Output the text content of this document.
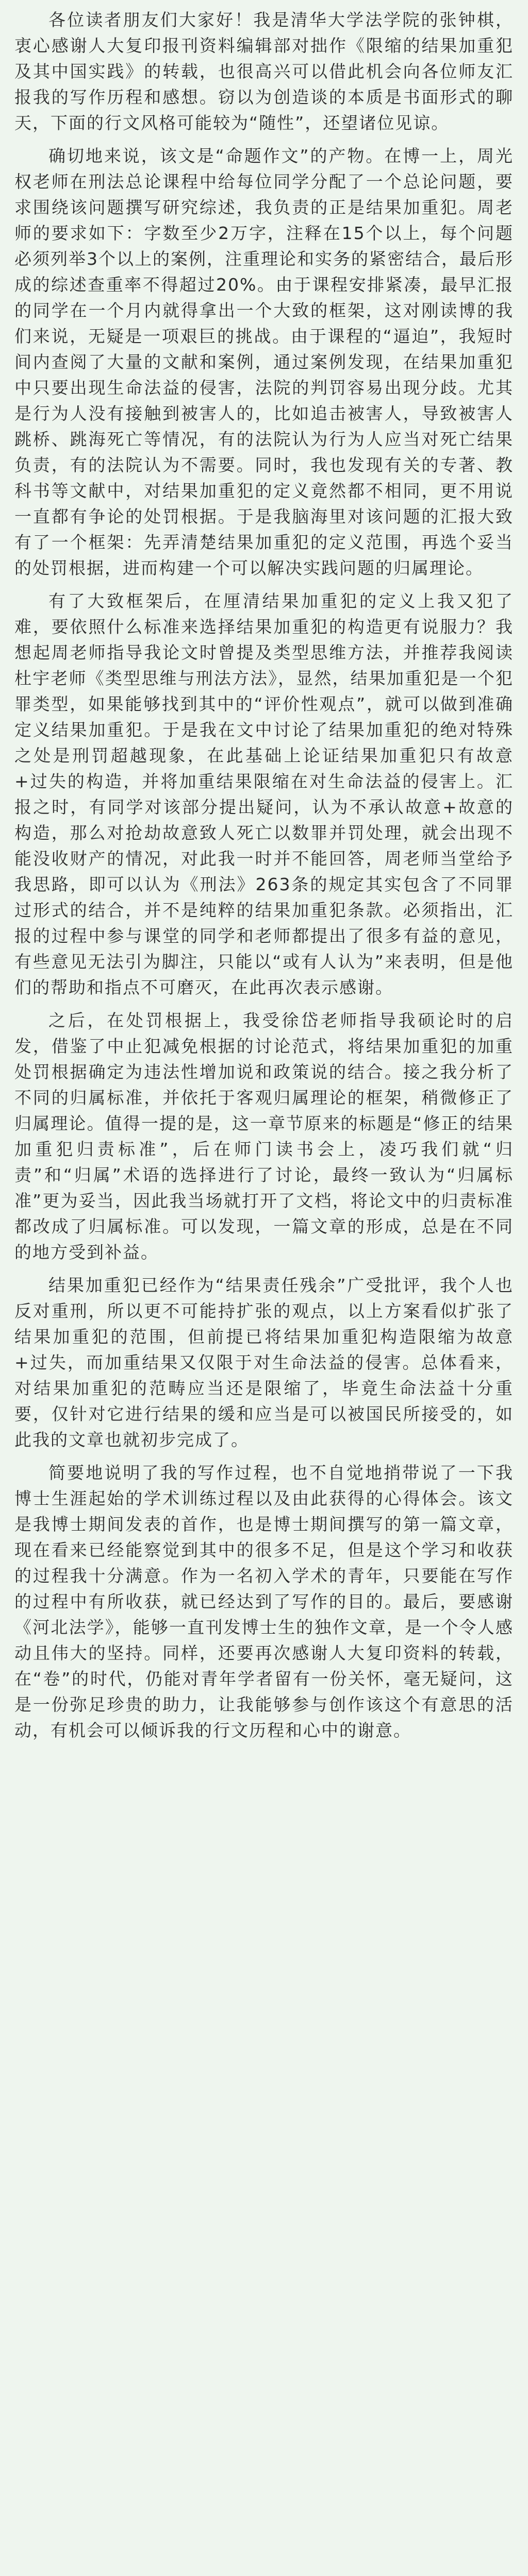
各位读者朋友们大家好！我是清华大学法学院的张钟棋，衷心感谢人大复印报刊资料编辑部对拙作《限缩的结果加重犯及其中国实践》的转载，也很高兴可以借此机会向各位师友汇报我的写作历程和感想。窃以为创造谈的本质是书面形式的聊天，下面的行文风格可能较为“随性”，还望诸位见谅。

确切地来说，该文是“命题作文”的产物。在博一上，周光权老师在刑法总论课程中给每位同学分配了一个总论问题，要求围绕该问题撰写研究综述，我负责的正是结果加重犯。周老师的要求如下：字数至少2万字，注释在15个以上，每个问题必须列举3个以上的案例，注重理论和实务的紧密结合，最后形成的综述查重率不得超过20%。由于课程安排紧凑，最早汇报的同学在一个月内就得拿出一个大致的框架，这对刚读博的我们来说，无疑是一项艰巨的挑战。由于课程的“逼迫”，我短时间内查阅了大量的文献和案例，通过案例发现，在结果加重犯中只要出现生命法益的侵害，法院的判罚容易出现分歧。尤其是行为人没有接触到被害人的，比如追击被害人，导致被害人跳桥、跳海死亡等情况，有的法院认为行为人应当对死亡结果负责，有的法院认为不需要。同时，我也发现有关的专著、教科书等文献中，对结果加重犯的定义竟然都不相同，更不用说一直都有争论的处罚根据。于是我脑海里对该问题的汇报大致有了一个框架：先弄清楚结果加重犯的定义范围，再选个妥当的处罚根据，进而构建一个可以解决实践问题的归属理论。

有了大致框架后，在厘清结果加重犯的定义上我又犯了难，要依照什么标准来选择结果加重犯的构造更有说服力？我想起周老师指导我论文时曾提及类型思维方法，并推荐我阅读杜宇老师《类型思维与刑法方法》，显然，结果加重犯是一个犯罪类型，如果能够找到其中的“评价性观点”，就可以做到准确定义结果加重犯。于是我在文中讨论了结果加重犯的绝对特殊之处是刑罚超越现象，在此基础上论证结果加重犯只有故意+过失的构造，并将加重结果限缩在对生命法益的侵害上。汇报之时，有同学对该部分提出疑问，认为不承认故意+故意的构造，那么对抢劫故意致人死亡以数罪并罚处理，就会出现不能没收财产的情况，对此我一时并不能回答，周老师当堂给予我思路，即可以认为《刑法》263条的规定其实包含了不同罪过形式的结合，并不是纯粹的结果加重犯条款。必须指出，汇报的过程中参与课堂的同学和老师都提出了很多有益的意见，有些意见无法引为脚注，只能以“或有人认为”来表明，但是他们的帮助和指点不可磨灭，在此再次表示感谢。

之后，在处罚根据上，我受徐岱老师指导我硕论时的启发，借鉴了中止犯减免根据的讨论范式，将结果加重犯的加重处罚根据确定为违法性增加说和政策说的结合。接之我分析了不同的归属标准，并依托于客观归属理论的框架，稍微修正了归属理论。值得一提的是，这一章节原来的标题是“修正的结果加重犯归责标准”，后在师门读书会上，凌巧我们就“归责”和“归属”术语的选择进行了讨论，最终一致认为“归属标准”更为妥当，因此我当场就打开了文档，将论文中的归责标准都改成了归属标准。可以发现，一篇文章的形成，总是在不同的地方受到补益。

结果加重犯已经作为“结果责任残余”广受批评，我个人也反对重刑，所以更不可能持扩张的观点，以上方案看似扩张了结果加重犯的范围，但前提已将结果加重犯构造限缩为故意+过失，而加重结果又仅限于对生命法益的侵害。总体看来，对结果加重犯的范畴应当还是限缩了，毕竟生命法益十分重要，仅针对它进行结果的缓和应当是可以被国民所接受的，如此我的文章也就初步完成了。

简要地说明了我的写作过程，也不自觉地捎带说了一下我博士生涯起始的学术训练过程以及由此获得的心得体会。该文是我博士期间发表的首作，也是博士期间撰写的第一篇文章，现在看来已经能察觉到其中的很多不足，但是这个学习和收获的过程我十分满意。作为一名初入学术的青年，只要能在写作的过程中有所收获，就已经达到了写作的目的。最后，要感谢《河北法学》，能够一直刊发博士生的独作文章，是一个令人感动且伟大的坚持。同样，还要再次感谢人大复印资料的转载，在“卷”的时代，仍能对青年学者留有一份关怀，毫无疑问，这是一份弥足珍贵的助力，让我能够参与创作该这个有意思的活动，有机会可以倾诉我的行文历程和心中的谢意。
